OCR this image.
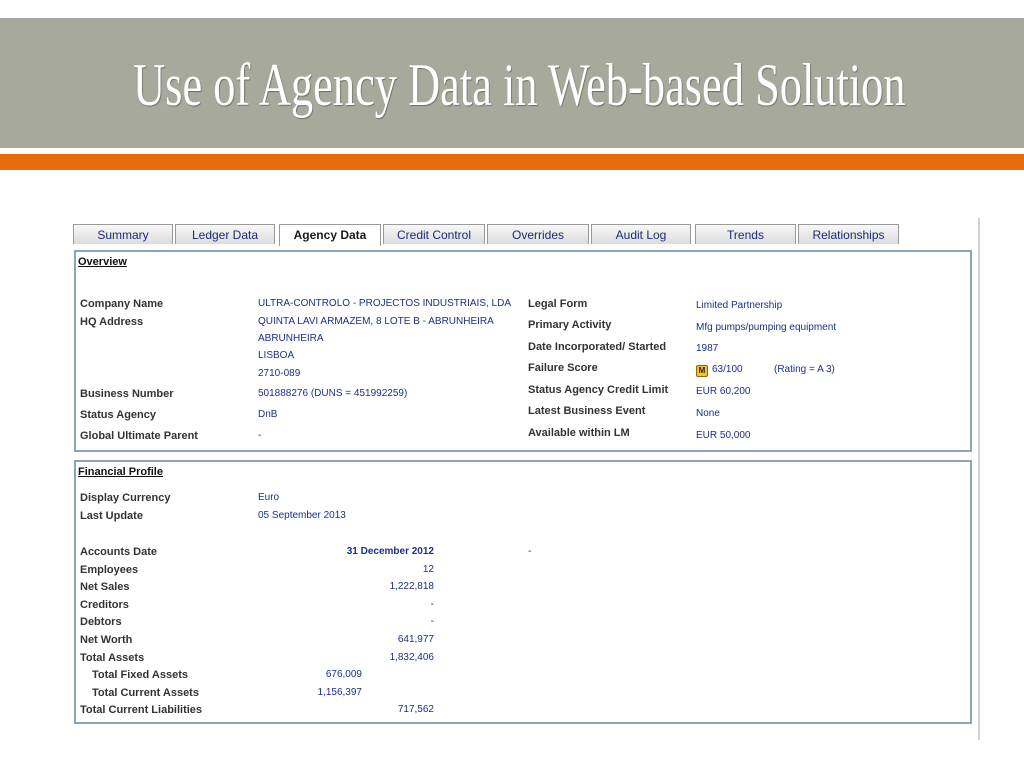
Use of Agency Data in Web-based Solution
Summary	Ledger Data	Agency Data	Credit Control	Overrides	Audit Log	Trends	Relationships
Overview
Company Name	ULTRA-CONTROLO - PROJECTOS INDUSTRIAIS, LDA
HQ Address	QUINTA LAVI ARMAZEM, 8 LOTE B - ABRUNHEIRA
ABRUNHEIRA
LISBOA
2710-089
Business Number	501888276 (DUNS = 451992259)
Status Agency	DnB
Global Ultimate Parent	-
Legal Form	Limited Partnership
Primary Activity	Mfg pumps/pumping equipment
Date Incorporated/ Started	1987
Failure Score	M 63/100	(Rating = A 3)
Status Agency Credit Limit	EUR 60,200
Latest Business Event	None
Available within LM	EUR 50,000
Financial Profile
Display Currency	Euro
Last Update	05 September 2013
Accounts Date	31 December 2012	-
Employees	12
Net Sales	1,222,818
Creditors	-
Debtors	-
Net Worth	641,977
Total Assets	1,832,406
Total Fixed Assets	676,009
Total Current Assets	1,156,397
Total Current Liabilities	717,562
